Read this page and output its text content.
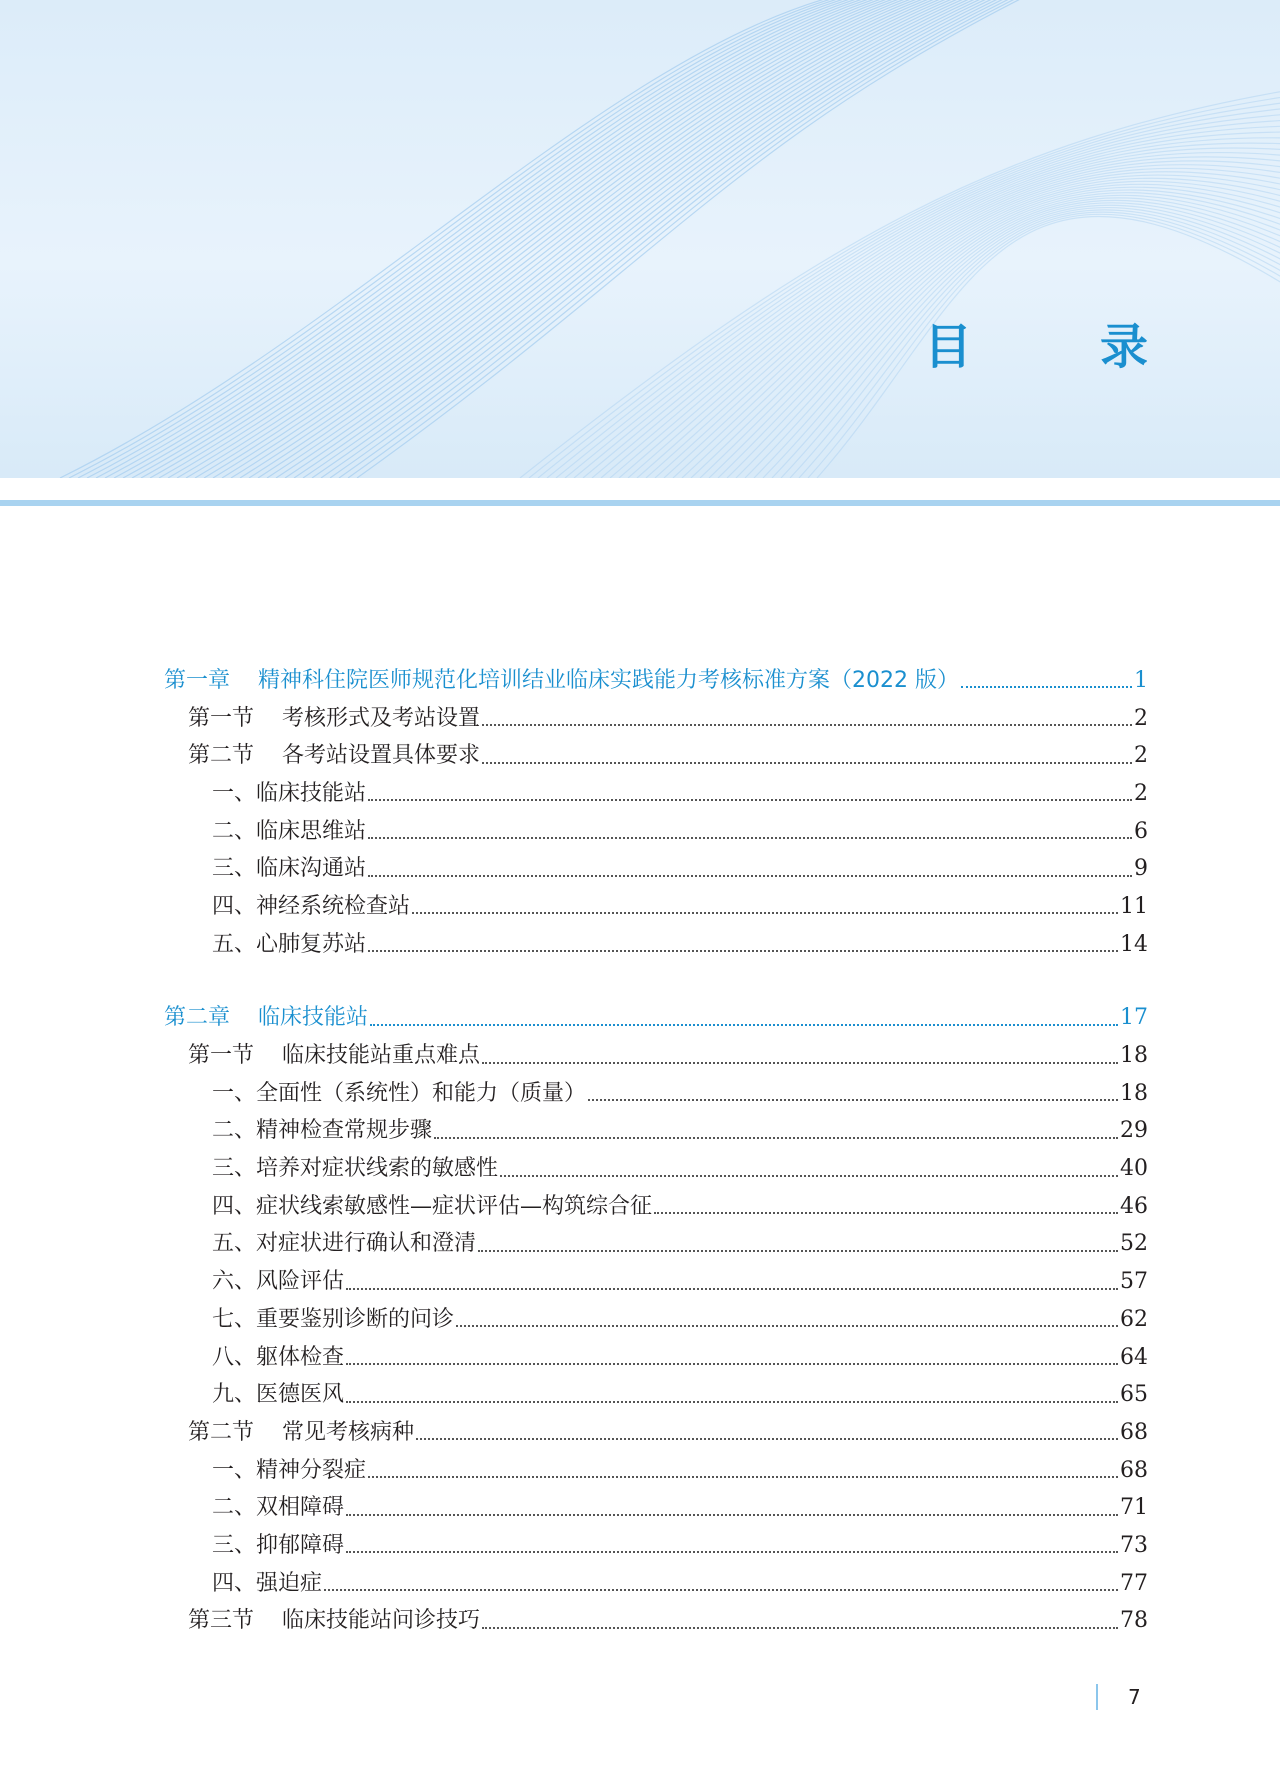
目　录
第一章 精神科住院医师规范化培训结业临床实践能力考核标准方案（2022 版）	1
第一节 考核形式及考站设置	2
第二节 各考站设置具体要求	2
一、临床技能站	2
二、临床思维站	6
三、临床沟通站	9
四、神经系统检查站	11
五、心肺复苏站	14
第二章 临床技能站	17
第一节 临床技能站重点难点	18
一、全面性（系统性）和能力（质量）	18
二、精神检查常规步骤	29
三、培养对症状线索的敏感性	40
四、症状线索敏感性—症状评估—构筑综合征	46
五、对症状进行确认和澄清	52
六、风险评估	57
七、重要鉴别诊断的问诊	62
八、躯体检查	64
九、医德医风	65
第二节 常见考核病种	68
一、精神分裂症	68
二、双相障碍	71
三、抑郁障碍	73
四、强迫症	77
第三节 临床技能站问诊技巧	78
7
